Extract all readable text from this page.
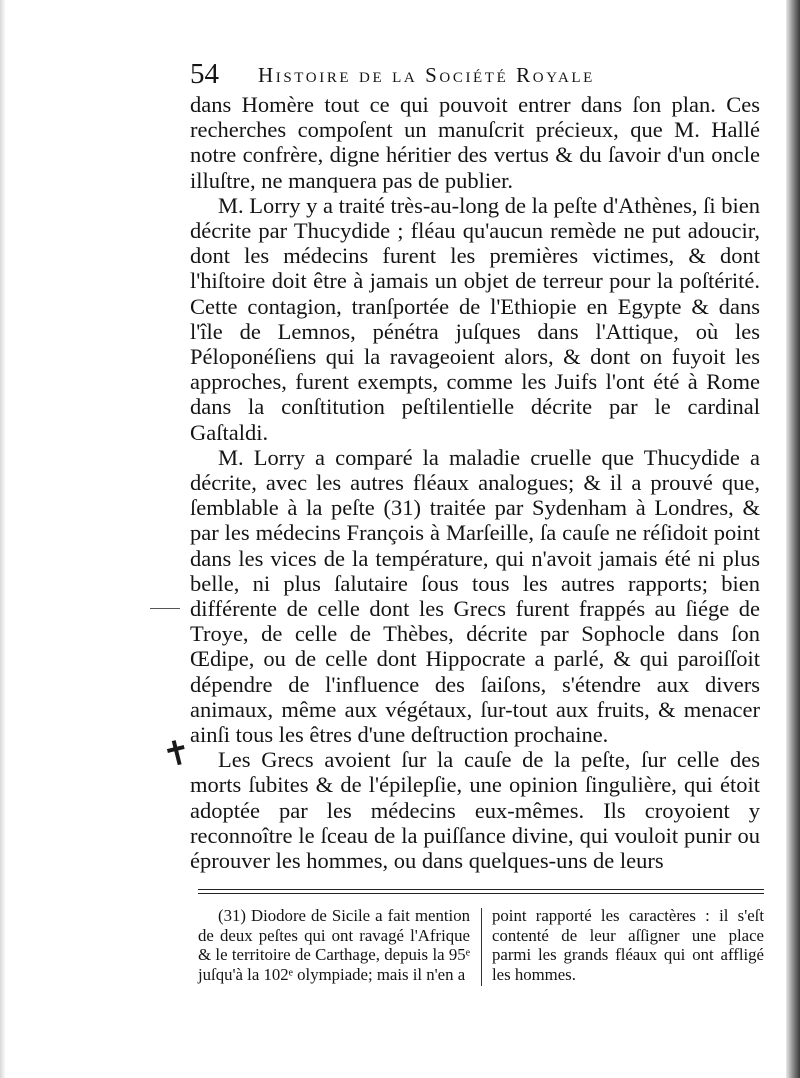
54 Histoire de la Société Royale
✝

dans Homère tout ce qui pouvoit entrer dans ſon plan. Ces recherches compoſent un manuſcrit précieux, que M. Hallé notre confrère, digne héritier des vertus & du ſavoir d'un oncle illuſtre, ne manquera pas de publier.

M. Lorry y a traité très-au-long de la peſte d'Athènes, ſi bien décrite par Thucydide ; fléau qu'aucun remède ne put adoucir, dont les médecins furent les premières victimes, & dont l'hiſtoire doit être à jamais un objet de terreur pour la poſtérité. Cette contagion, tranſportée de l'Ethiopie en Egypte & dans l'île de Lemnos, pénétra juſques dans l'Attique, où les Péloponéſiens qui la ravageoient alors, & dont on fuyoit les approches, furent exempts, comme les Juifs l'ont été à Rome dans la conſtitution peſtilentielle décrite par le cardinal Gaſtaldi.

M. Lorry a comparé la maladie cruelle que Thucydide a décrite, avec les autres fléaux analogues; & il a prouvé que, ſemblable à la peſte (31) traitée par Sydenham à Londres, & par les médecins François à Marſeille, ſa cauſe ne réſidoit point dans les vices de la température, qui n'avoit jamais été ni plus belle, ni plus ſalutaire ſous tous les autres rapports; bien différente de celle dont les Grecs furent frappés au ſiége de Troye, de celle de Thèbes, décrite par Sophocle dans ſon Œdipe, ou de celle dont Hippocrate a parlé, & qui paroiſſoit dépendre de l'influence des ſaiſons, s'étendre aux divers animaux, même aux végétaux, ſur-tout aux fruits, & menacer ainſi tous les êtres d'une deſtruction prochaine.

Les Grecs avoient ſur la cauſe de la peſte, ſur celle des morts ſubites & de l'épilepſie, une opinion ſingulière, qui étoit adoptée par les médecins eux-mêmes. Ils croyoient y reconnoître le ſceau de la puiſſance divine, qui vouloit punir ou éprouver les hommes, ou dans quelques-uns de leurs

(31) Diodore de Sicile a fait mention de deux peſtes qui ont ravagé l'Afrique & le territoire de Carthage, depuis la 95ᵉ juſqu'à la 102ᵉ olympiade; mais il n'en a

point rapporté les caractères : il s'eſt contenté de leur aſſigner une place parmi les grands fléaux qui ont affligé les hommes.
